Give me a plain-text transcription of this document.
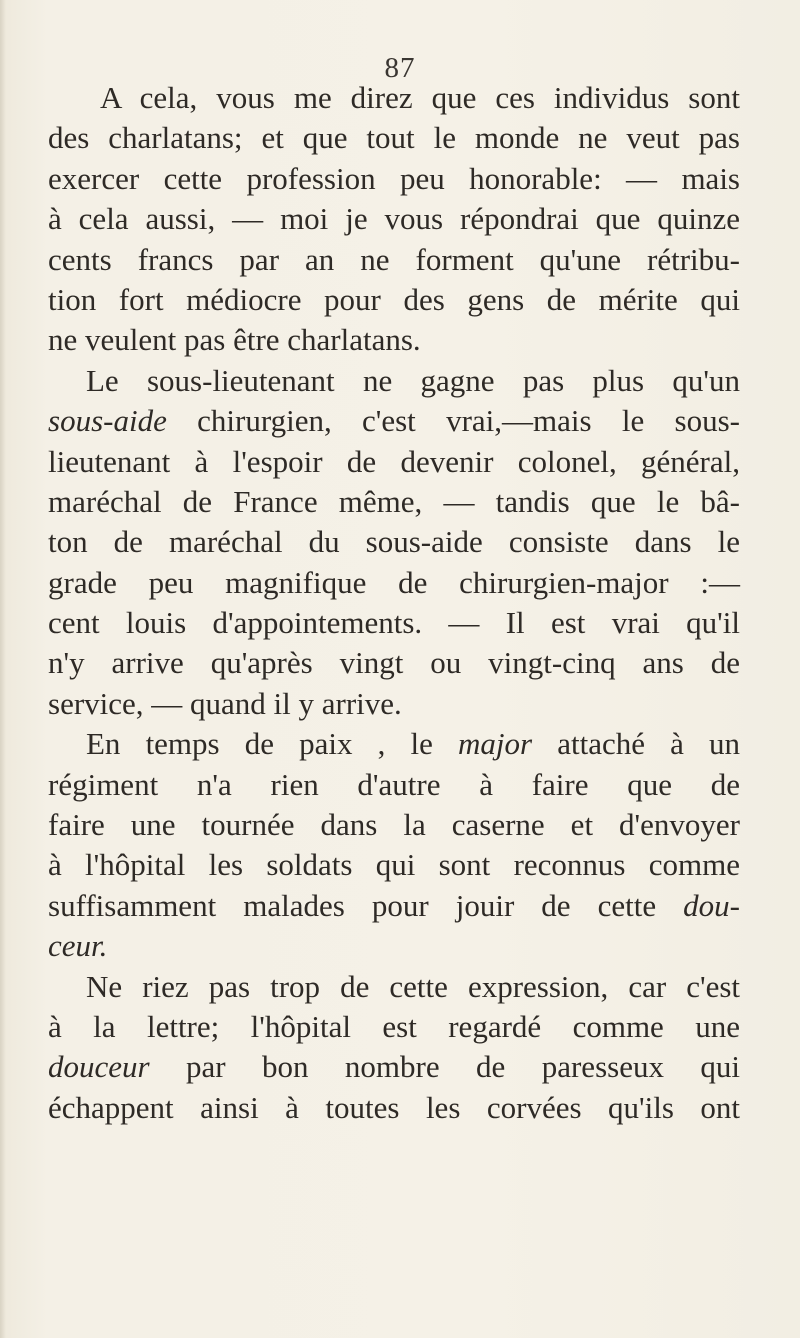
87
A cela, vous me direz que ces individus sont
des charlatans; et que tout le monde ne veut pas
exercer cette profession peu honorable: — mais
à cela aussi, — moi je vous répondrai que quinze
cents francs par an ne forment qu'une rétribu-
tion fort médiocre pour des gens de mérite qui
ne veulent pas être charlatans.
Le sous-lieutenant ne gagne pas plus qu'un
sous-aide chirurgien, c'est vrai,—mais le sous-
lieutenant à l'espoir de devenir colonel, général,
maréchal de France même, — tandis que le bâ-
ton de maréchal du sous-aide consiste dans le
grade peu magnifique de chirurgien-major :—
cent louis d'appointements. — Il est vrai qu'il
n'y arrive qu'après vingt ou vingt-cinq ans de
service, — quand il y arrive.
En temps de paix , le major attaché à un
régiment n'a rien d'autre à faire que de
faire une tournée dans la caserne et d'envoyer
à l'hôpital les soldats qui sont reconnus comme
suffisamment malades pour jouir de cette dou-
ceur.
Ne riez pas trop de cette expression, car c'est
à la lettre; l'hôpital est regardé comme une
douceur par bon nombre de paresseux qui
échappent ainsi à toutes les corvées qu'ils ont
